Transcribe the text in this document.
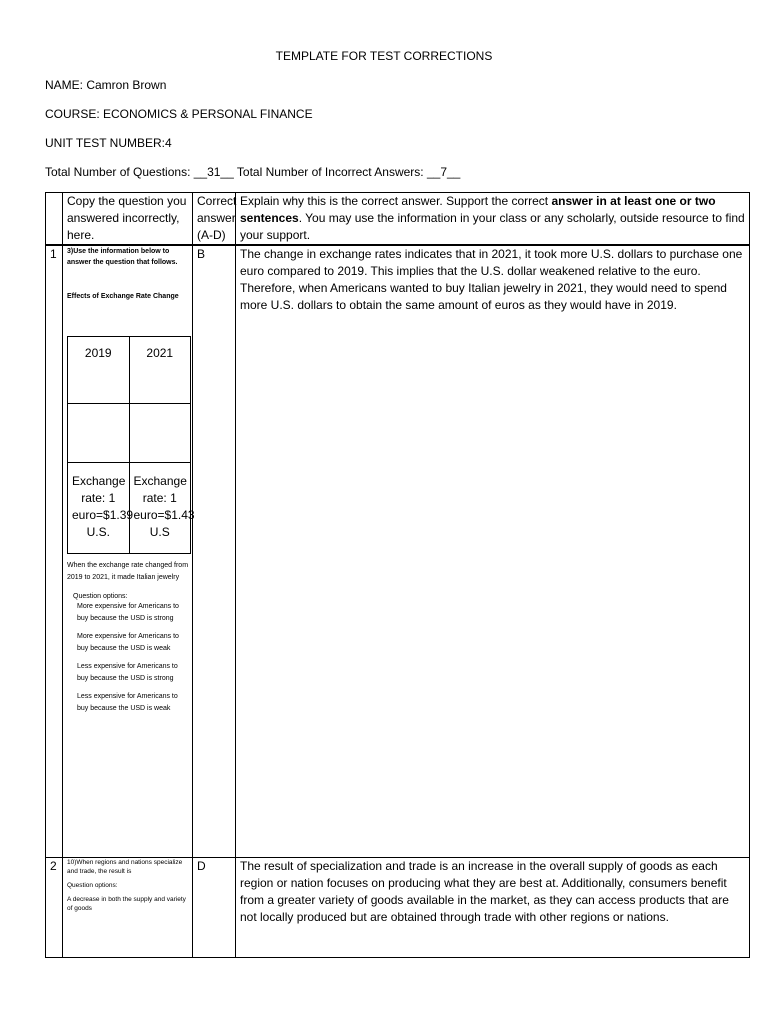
TEMPLATE FOR TEST CORRECTIONS
NAME: Camron Brown
COURSE: ECONOMICS & PERSONAL FINANCE
UNIT TEST NUMBER:4
Total Number of Questions: __31__ Total Number of Incorrect Answers: __7__
	Copy the question you answered incorrectly, here.	Correct answer (A-D)	Explain why this is the correct answer. Support the correct answer in at least one or two sentences. You may use the information in your class or any scholarly, outside resource to find your support.
1	3)Use the information below to answer the question that follows.
Effects of Exchange Rate Change
2019	2021

Exchange rate: 1 euro=$1.39 U.S.	Exchange rate: 1 euro=$1.43 U.S
When the exchange rate changed from 2019 to 2021, it made Italian jewelry
Question options:
More expensive for Americans to buy because the USD is strong
More expensive for Americans to buy because the USD is weak
Less expensive for Americans to buy because the USD is strong
Less expensive for Americans to buy because the USD is weak
	B	The change in exchange rates indicates that in 2021, it took more U.S. dollars to purchase one euro compared to 2019. This implies that the U.S. dollar weakened relative to the euro. Therefore, when Americans wanted to buy Italian jewelry in 2021, they would need to spend more U.S. dollars to obtain the same amount of euros as they would have in 2019.
2	10)When regions and nations specialize and trade, the result is
Question options:
A decrease in both the supply and variety of goods
	D	The result of specialization and trade is an increase in the overall supply of goods as each region or nation focuses on producing what they are best at. Additionally, consumers benefit from a greater variety of goods available in the market, as they can access products that are not locally produced but are obtained through trade with other regions or nations.
